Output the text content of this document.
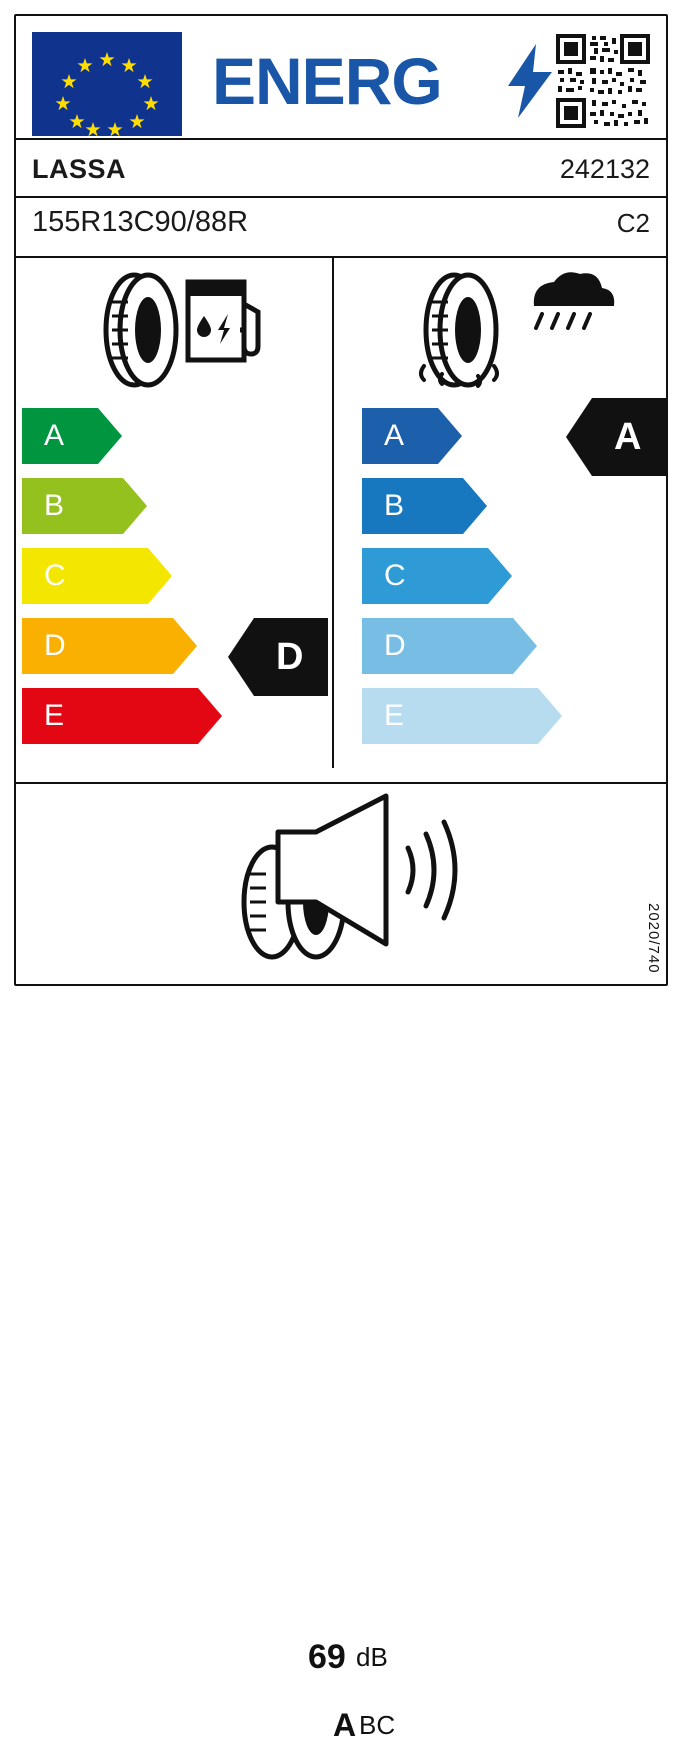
ENERG
LASSA	242132
155R13C90/88R	C2
A
B
C
D
E
D
A
B
C
D
E
A
69 dB
A BC
2020/740
